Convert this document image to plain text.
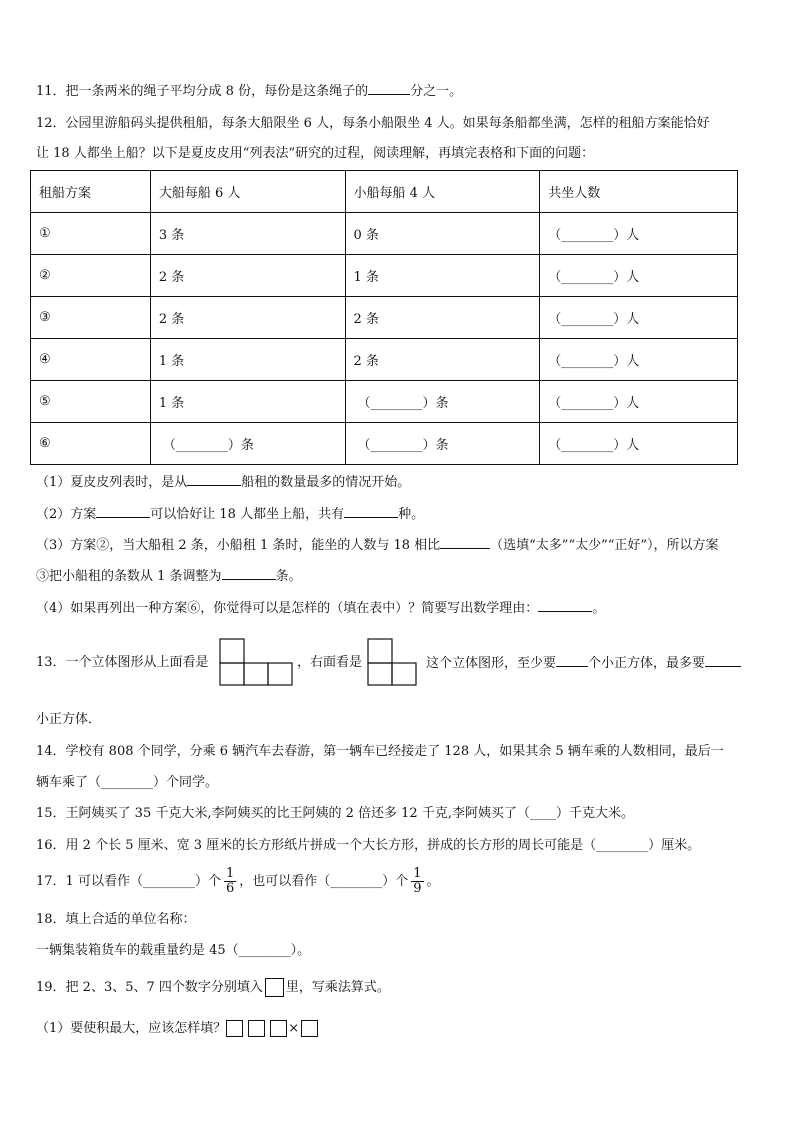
11．把一条两米的绳子平均分成 8 份，每份是这条绳子的	分之一。
12．公园里游船码头提供租船，每条大船限坐 6 人，每条小船限坐 4 人。如果每条船都坐满，怎样的租船方案能恰好
让 18 人都坐上船？以下是夏皮皮用“列表法”研究的过程，阅读理解，再填完表格和下面的问题：
租船方案	大船每船 6 人	小船每船 4 人	共坐人数
①	3 条	0 条	（________）人
②	2 条	1 条	（________）人
③	2 条	2 条	（________）人
④	1 条	2 条	（________）人
⑤	1 条	（________）条	（________）人
⑥	（________）条	（________）条	（________）人
（1）夏皮皮列表时，是从	船租的数量最多的情况开始。
（2）方案	可以恰好让 18 人都坐上船，共有	种。
（3）方案②，当大船租 2 条，小船租 1 条时，能坐的人数与 18 相比	（选填“太多”“太少”“正好”），所以方案
③把小船租的条数从 1 条调整为	条。
（4）如果再列出一种方案⑥，你觉得可以是怎样的（填在表中）？简要写出数学理由：	。
13．一个立体图形从上面看是	，右面看是	这个立体图形，至少要 个小正方体，最多要
小正方体．
14．学校有 808 个同学，分乘 6 辆汽车去春游，第一辆车已经接走了 128 人，如果其余 5 辆车乘的人数相同，最后一
辆车乘了（________）个同学。
15．王阿姨买了 35 千克大米,李阿姨买的比王阿姨的 2 倍还多 12 千克,李阿姨买了（____）千克大米。
16．用 2 个长 5 厘米、宽 3 厘米的长方形纸片拼成一个大长方形，拼成的长方形的周长可能是（________）厘米。
17．1 可以看作（________）个 $\frac{1}{6}$ ，也可以看作（________）个 $\frac{1}{9}$ 。
18．填上合适的单位名称：
一辆集装箱货车的载重量约是 45（________）。
19．把 2、3、5、7 四个数字分别填入 里，写乘法算式。
（1）要使积最大，应该怎样填？	×
